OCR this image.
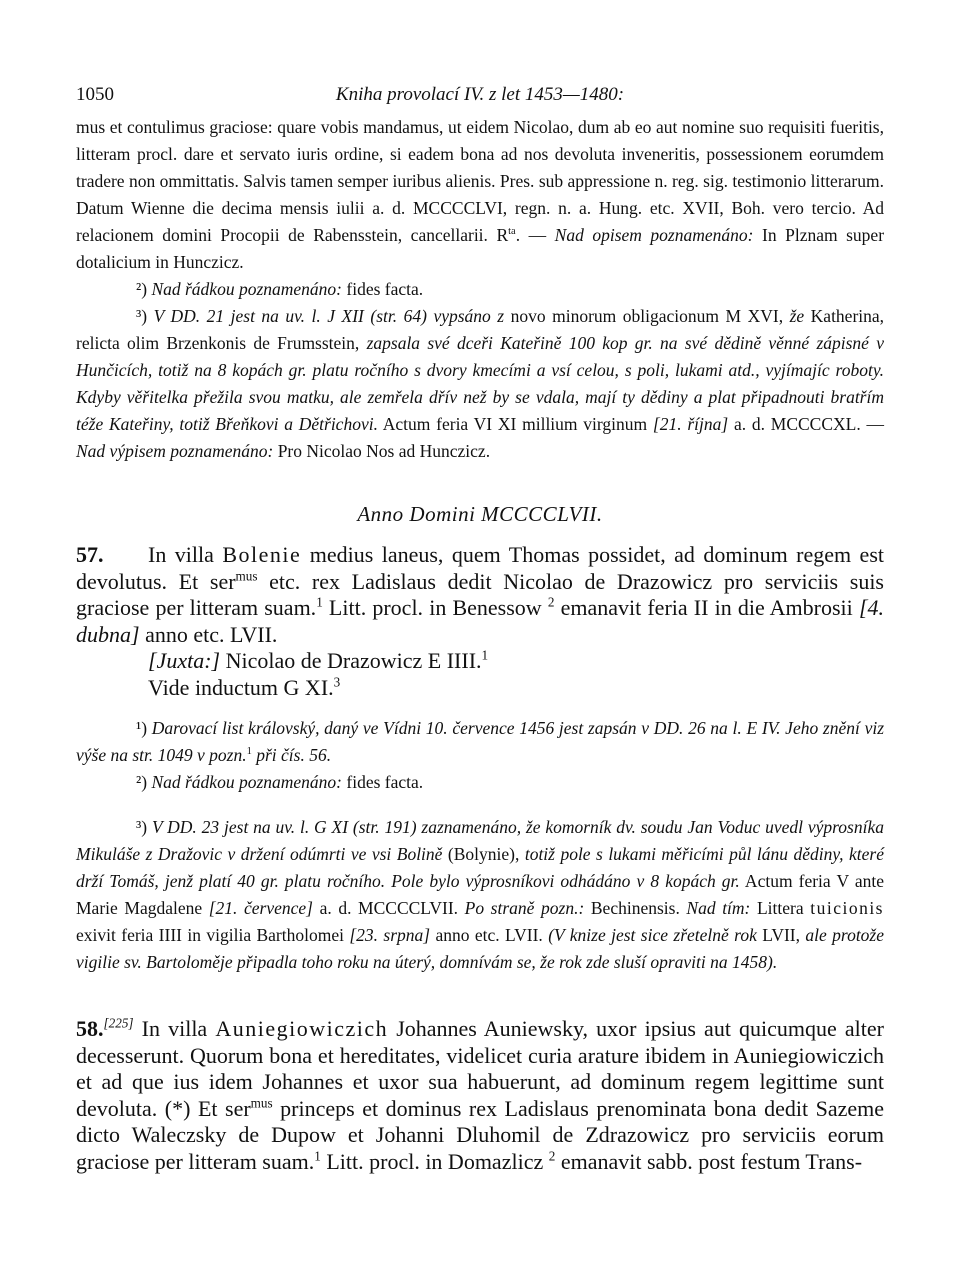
1050	Kniha provolací IV. z let 1453—1480:

mus et contulimus graciose: quare vobis mandamus, ut eidem Nicolao, dum ab eo aut nomine suo requisiti fueritis, litteram procl. dare et servato iuris ordine, si eadem bona ad nos devoluta inveneritis, possessionem eorumdem tradere non ommittatis. Salvis tamen semper iuribus alienis. Pres. sub appressione n. reg. sig. testimonio litterarum. Datum Wienne die decima mensis iulii a. d. MCCCCLVI, regn. n. a. Hung. etc. XVII, Boh. vero tercio. Ad relacionem domini Procopii de Rabensstein, cancellarii. $R^{ta}$. — Nad opisem poznamenáno: In Plznam super dotalicium in Hunczicz.

²) Nad řádkou poznamenáno: fides facta.

³) V DD. 21 jest na uv. l. J XII (str. 64) vypsáno z novo minorum obligacionum M XVI, že Katherina, relicta olim Brzenkonis de Frumsstein, zapsala své dceři Kateřině 100 kop gr. na své dědině věnné zápisné v Hunčicích, totiž na 8 kopách gr. platu ročního s dvory kmecími a vsí celou, s poli, lukami atd., vyjímajíc roboty. Kdyby věřitelka přežila svou matku, ale zemřela dřív než by se vdala, mají ty dědiny a plat připadnouti bratřím téže Kateřiny, totiž Břeňkovi a Dětřichovi. Actum feria VI XI millium virginum [21. října] a. d. MCCCCXL. — Nad výpisem poznamenáno: Pro Nicolao Nos ad Hunczicz.

Anno Domini MCCCCLVII.

57. In villa Bolenie medius laneus, quem Thomas possidet, ad dominum regem est devolutus. Et ser$^{mus}$ etc. rex Ladislaus dedit Nicolao de Drazowicz pro serviciis suis graciose per litteram suam.$^1$ Litt. procl. in Benessow $^2$ emanavit feria II in die Ambrosii [4. dubna] anno etc. LVII.

[Juxta:] Nicolao de Drazowicz E IIII.$^1$

Vide inductum G XI.$^3$

¹) Darovací list královský, daný ve Vídni 10. července 1456 jest zapsán v DD. 26 na l. E IV. Jeho znění viz výše na str. 1049 v pozn.$^1$ při čís. 56.

²) Nad řádkou poznamenáno: fides facta.

³) V DD. 23 jest na uv. l. G XI (str. 191) zaznamenáno, že komorník dv. soudu Jan Voduc uvedl výprosníka Mikuláše z Dražovic v držení odúmrti ve vsi Bolině (Bolynie), totiž pole s lukami měřicími půl lánu dědiny, které drží Tomáš, jenž platí 40 gr. platu ročního. Pole bylo výprosníkovi odhádáno v 8 kopách gr. Actum feria V ante Marie Magdalene [21. července] a. d. MCCCCLVII. Po straně pozn.: Bechinensis. Nad tím: Littera tuicionis exivit feria IIII in vigilia Bartholomei [23. srpna] anno etc. LVII. (V knize jest sice zřetelně rok LVII, ale protože vigilie sv. Bartoloměje připadla toho roku na úterý, domnívám se, že rok zde sluší opraviti na 1458).

58.[225] In villa Auniegiowiczich Johannes Auniewsky, uxor ipsius aut quicumque alter decesserunt. Quorum bona et hereditates, videlicet curia arature ibidem in Auniegiowiczich et ad que ius idem Johannes et uxor sua habuerunt, ad dominum regem legittime sunt devoluta. (*) Et ser$^{mus}$ princeps et dominus rex Ladislaus prenominata bona dedit Sazeme dicto Waleczsky de Dupow et Johanni Dluhomil de Zdrazowicz pro serviciis eorum graciose per litteram suam.$^1$ Litt. procl. in Domazlicz $^2$ emanavit sabb. post festum Trans-
